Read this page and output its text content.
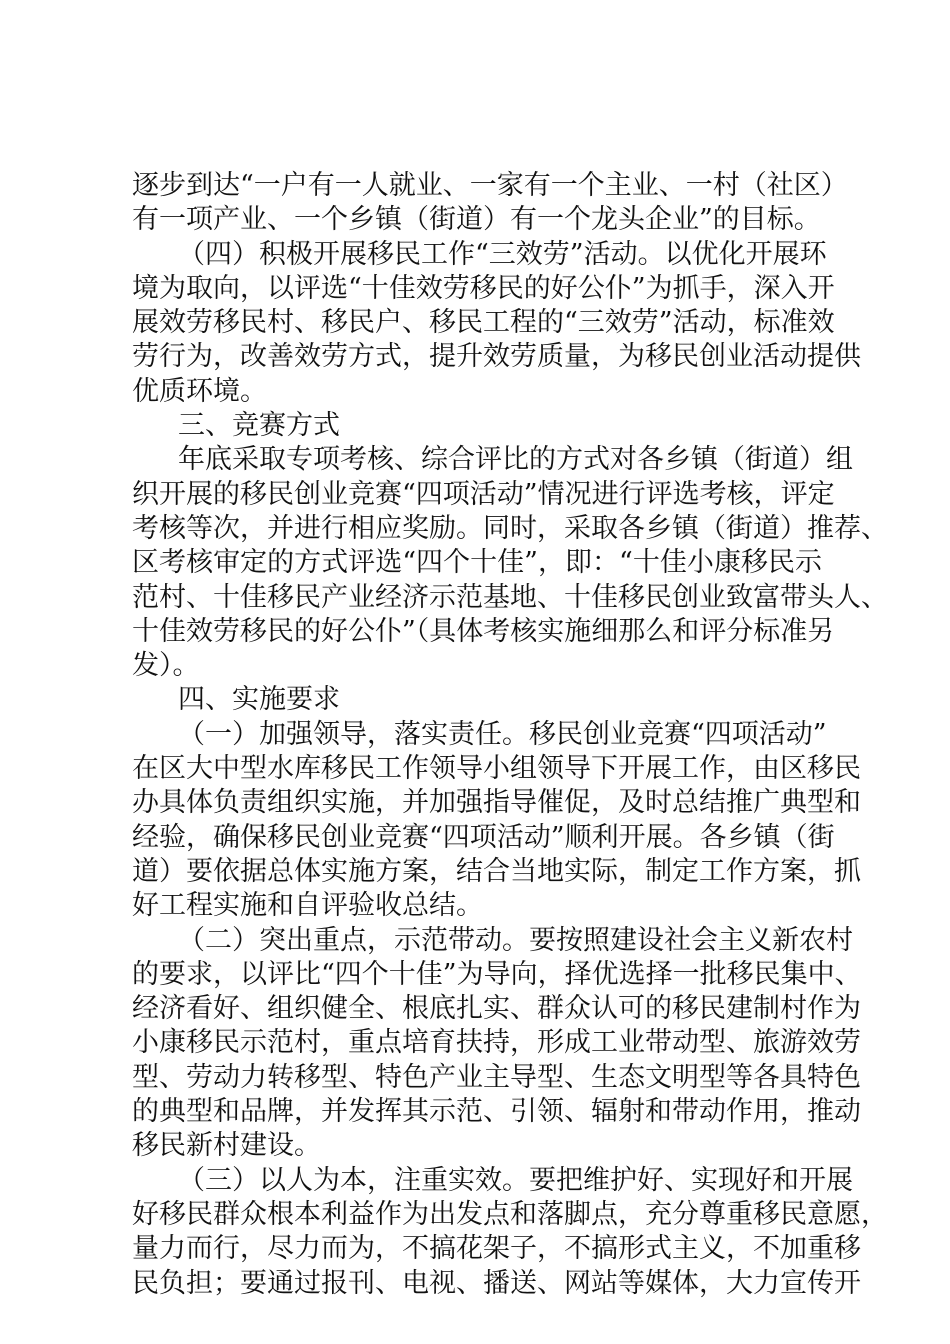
逐步到达“一户有一人就业、一家有一个主业、一村（社区）
有一项产业、一个乡镇（街道）有一个龙头企业”的目标。
（四）积极开展移民工作“三效劳”活动。以优化开展环
境为取向，以评选“十佳效劳移民的好公仆”为抓手，深入开
展效劳移民村、移民户、移民工程的“三效劳”活动，标准效
劳行为，改善效劳方式，提升效劳质量，为移民创业活动提供
优质环境。
三、竞赛方式
年底采取专项考核、综合评比的方式对各乡镇（街道）组
织开展的移民创业竞赛“四项活动”情况进行评选考核，评定
考核等次，并进行相应奖励。同时，采取各乡镇（街道）推荐、
区考核审定的方式评选“四个十佳”，即：“十佳小康移民示
范村、十佳移民产业经济示范基地、十佳移民创业致富带头人、
十佳效劳移民的好公仆”（具体考核实施细那么和评分标准另
发）。
四、实施要求
（一）加强领导，落实责任。移民创业竞赛“四项活动”
在区大中型水库移民工作领导小组领导下开展工作，由区移民
办具体负责组织实施，并加强指导催促，及时总结推广典型和
经验，确保移民创业竞赛“四项活动”顺利开展。各乡镇（街
道）要依据总体实施方案，结合当地实际，制定工作方案，抓
好工程实施和自评验收总结。
（二）突出重点，示范带动。要按照建设社会主义新农村
的要求，以评比“四个十佳”为导向，择优选择一批移民集中、
经济看好、组织健全、根底扎实、群众认可的移民建制村作为
小康移民示范村，重点培育扶持，形成工业带动型、旅游效劳
型、劳动力转移型、特色产业主导型、生态文明型等各具特色
的典型和品牌，并发挥其示范、引领、辐射和带动作用，推动
移民新村建设。
（三）以人为本，注重实效。要把维护好、实现好和开展
好移民群众根本利益作为出发点和落脚点，充分尊重移民意愿，
量力而行，尽力而为，不搞花架子，不搞形式主义，不加重移
民负担；要通过报刊、电视、播送、网站等媒体，大力宣传开
